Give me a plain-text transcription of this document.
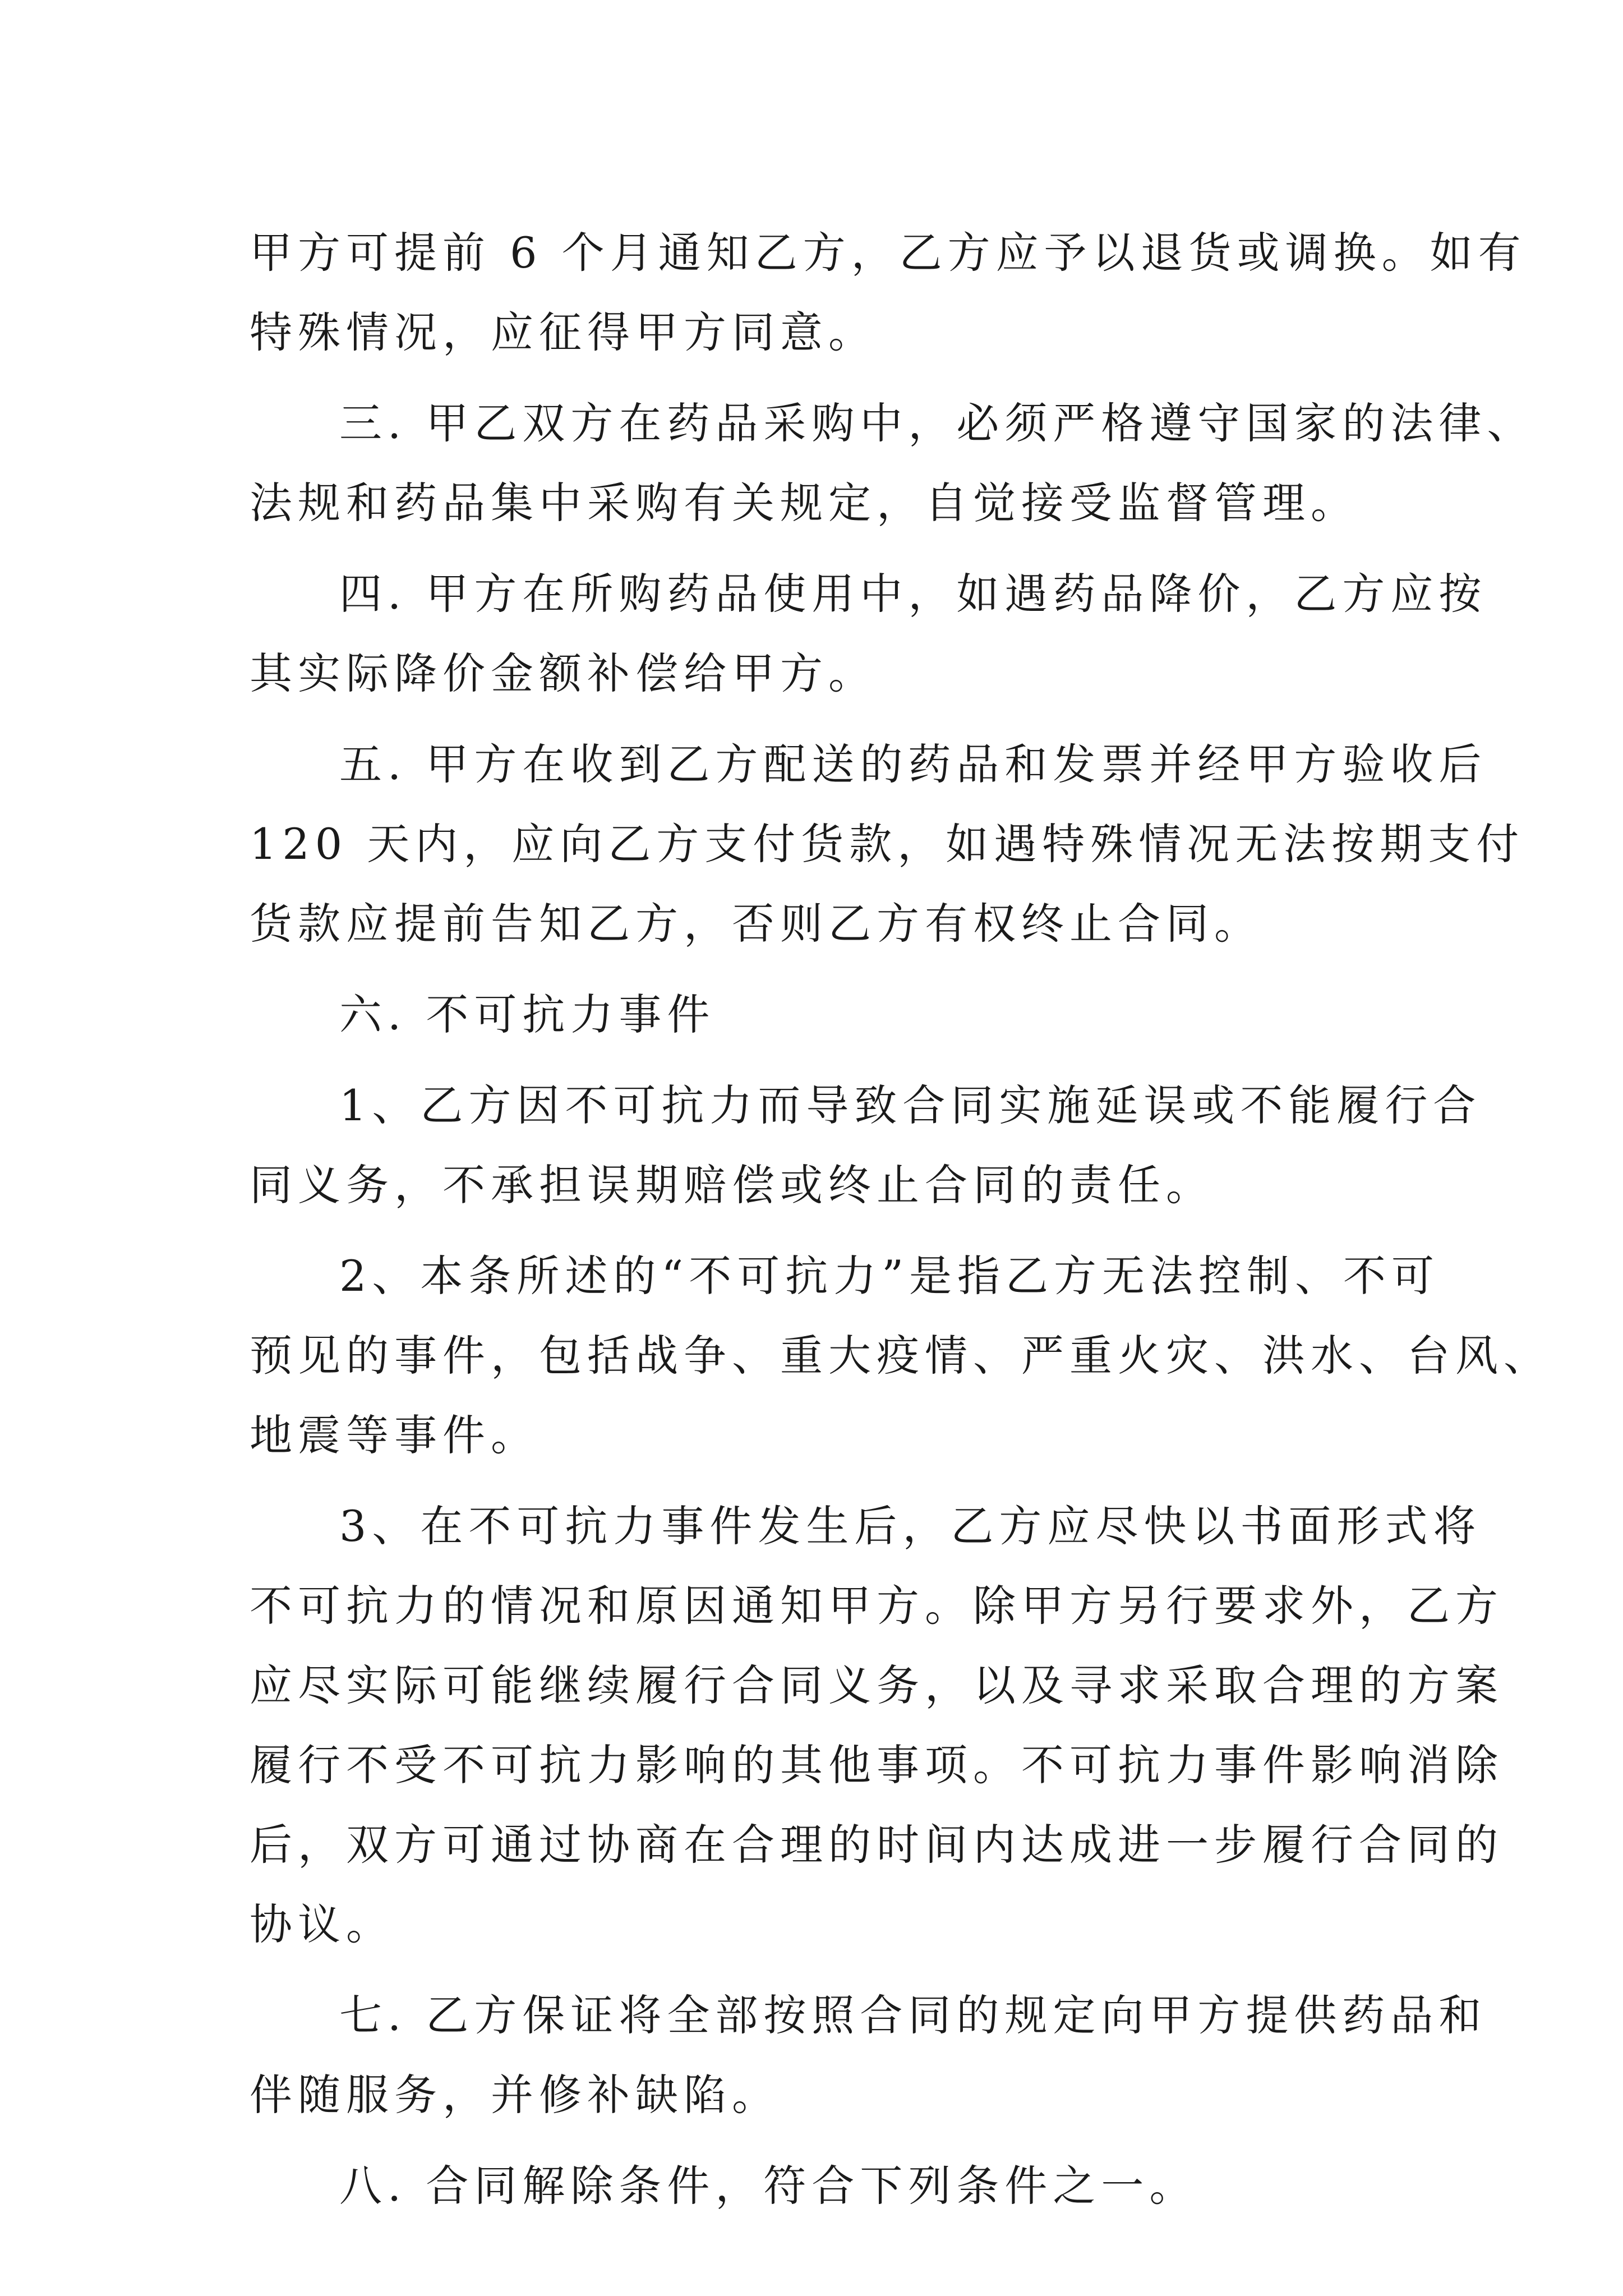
甲方可提前 6 个月通知乙方，乙方应予以退货或调换。如有
特殊情况，应征得甲方同意。
三. 甲乙双方在药品采购中，必须严格遵守国家的法律、
法规和药品集中采购有关规定，自觉接受监督管理。
四. 甲方在所购药品使用中，如遇药品降价，乙方应按
其实际降价金额补偿给甲方。
五. 甲方在收到乙方配送的药品和发票并经甲方验收后
120 天内，应向乙方支付货款，如遇特殊情况无法按期支付
货款应提前告知乙方，否则乙方有权终止合同。
六. 不可抗力事件
1、乙方因不可抗力而导致合同实施延误或不能履行合
同义务，不承担误期赔偿或终止合同的责任。
2、本条所述的“不可抗力”是指乙方无法控制、不可
预见的事件，包括战争、重大疫情、严重火灾、洪水、台风、
地震等事件。
3、在不可抗力事件发生后，乙方应尽快以书面形式将
不可抗力的情况和原因通知甲方。除甲方另行要求外，乙方
应尽实际可能继续履行合同义务，以及寻求采取合理的方案
履行不受不可抗力影响的其他事项。不可抗力事件影响消除
后，双方可通过协商在合理的时间内达成进一步履行合同的
协议。
七. 乙方保证将全部按照合同的规定向甲方提供药品和
伴随服务，并修补缺陷。
八. 合同解除条件，符合下列条件之一。
